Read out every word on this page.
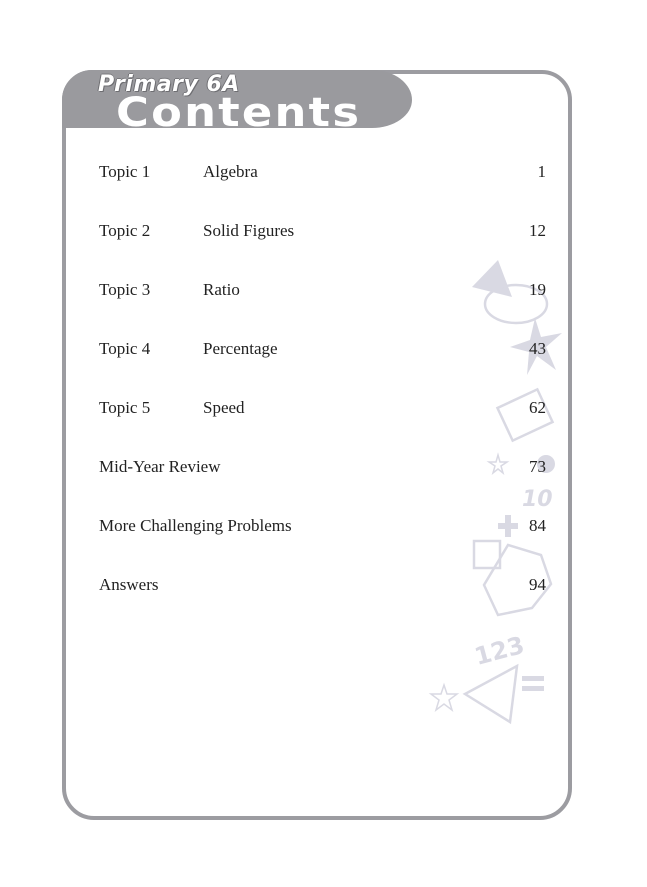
Primary 6A
Contents
10
123
Topic 1	Algebra	1
Topic 2	Solid Figures	12
Topic 3	Ratio	19
Topic 4	Percentage	43
Topic 5	Speed	62
Mid-Year Review	73
More Challenging Problems	84
Answers	94
